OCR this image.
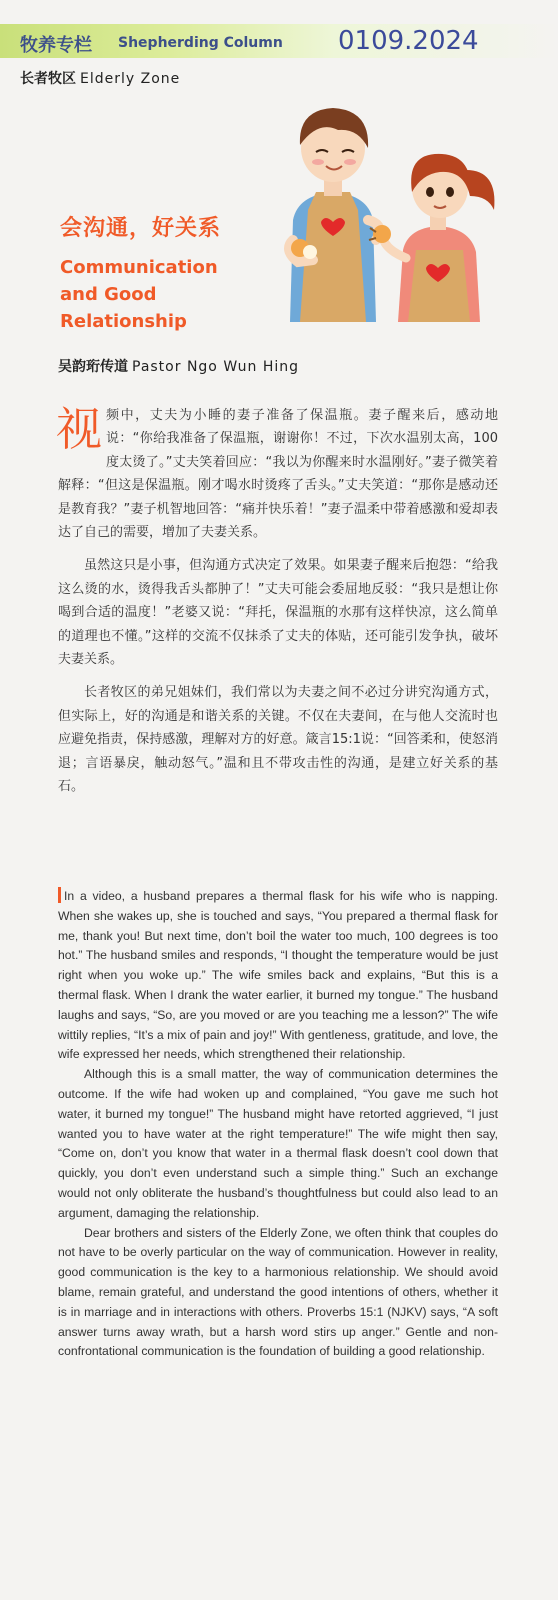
牧养专栏 Shepherding Column 0109.2024
长者牧区 Elderly Zone
会沟通，好关系
Communication and Good Relationship
吴韵珩传道 Pastor Ngo Wun Hing

视频中，丈夫为小睡的妻子准备了保温瓶。妻子醒来后，感动地说：“你给我准备了保温瓶，谢谢你！不过，下次水温别太高，100度太烫了。”丈夫笑着回应：“我以为你醒来时水温刚好。”妻子微笑着解释：“但这是保温瓶。刚才喝水时烫疼了舌头。”丈夫笑道：“那你是感动还是教育我？”妻子机智地回答：“痛并快乐着！”妻子温柔中带着感激和爱却表达了自己的需要，增加了夫妻关系。

虽然这只是小事，但沟通方式决定了效果。如果妻子醒来后抱怨：“给我这么烫的水，烫得我舌头都肿了！”丈夫可能会委屈地反驳：“我只是想让你喝到合适的温度！”老婆又说：“拜托，保温瓶的水那有这样快凉，这么简单的道理也不懂。”这样的交流不仅抹杀了丈夫的体贴，还可能引发争执，破坏夫妻关系。

长者牧区的弟兄姐妹们，我们常以为夫妻之间不必过分讲究沟通方式，但实际上，好的沟通是和谐关系的关键。不仅在夫妻间，在与他人交流时也应避免指责，保持感激，理解对方的好意。箴言15:1说：“回答柔和，使怒消退；言语暴戾，触动怒气。”温和且不带攻击性的沟通，是建立好关系的基石。

In a video, a husband prepares a thermal flask for his wife who is napping. When she wakes up, she is touched and says, “You prepared a thermal flask for me, thank you! But next time, don’t boil the water too much, 100 degrees is too hot.” The husband smiles and responds, “I thought the temperature would be just right when you woke up.” The wife smiles back and explains, “But this is a thermal flask. When I drank the water earlier, it burned my tongue.” The husband laughs and says, “So, are you moved or are you teaching me a lesson?” The wife wittily replies, “It’s a mix of pain and joy!” With gentleness, gratitude, and love, the wife expressed her needs, which strengthened their relationship.

Although this is a small matter, the way of communication determines the outcome. If the wife had woken up and complained, “You gave me such hot water, it burned my tongue!” The husband might have retorted aggrieved, “I just wanted you to have water at the right temperature!” The wife might then say, “Come on, don’t you know that water in a thermal flask doesn’t cool down that quickly, you don’t even understand such a simple thing.” Such an exchange would not only obliterate the husband’s thoughtfulness but could also lead to an argument, damaging the relationship.

Dear brothers and sisters of the Elderly Zone, we often think that couples do not have to be overly particular on the way of communication. However in reality, good communication is the key to a harmonious relationship. We should avoid blame, remain grateful, and understand the good intentions of others, whether it is in marriage and in interactions with others. Proverbs 15:1 (NJKV) says, “A soft answer turns away wrath, but a harsh word stirs up anger.” Gentle and non-confrontational communication is the foundation of building a good relationship.
